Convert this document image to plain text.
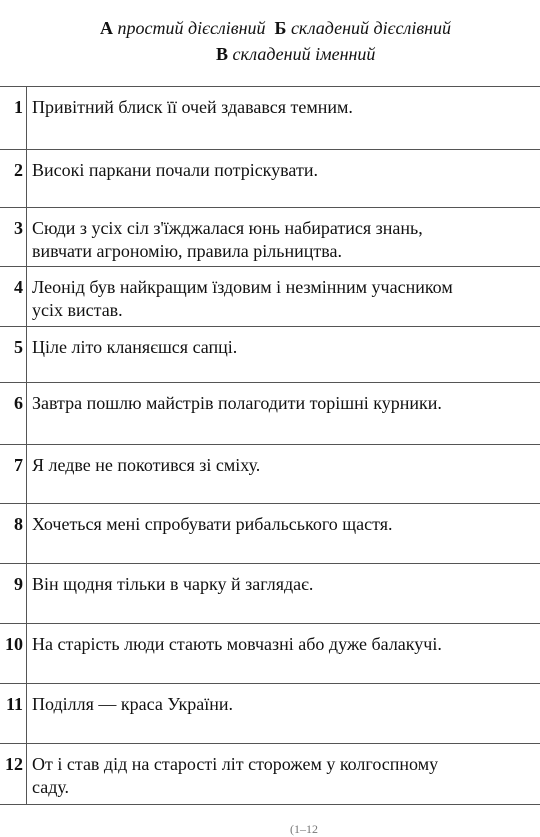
А простий дієслівний Б складений дієслівний
В складений іменний
1 Привітний блиск її очей здавався темним.
2 Високі паркани почали потріскувати.
3 Сюди з усіх сіл з'їжджалася юнь набиратися знань,
вивчати агрономію, правила рільництва.
4 Леонід був найкращим їздовим і незмінним учасником
усіх вистав.
5 Ціле літо кланяєшся сапці.
6 Завтра пошлю майстрів полагодити торішні курники.
7 Я ледве не покотився зі сміху.
8 Хочеться мені спробувати рибальського щастя.
9 Він щодня тільки в чарку й заглядає.
10 На старість люди стають мовчазні або дуже балакучі.
11 Поділля — краса України.
12 От і став дід на старості літ сторожем у колгоспному
саду.
(1–12
